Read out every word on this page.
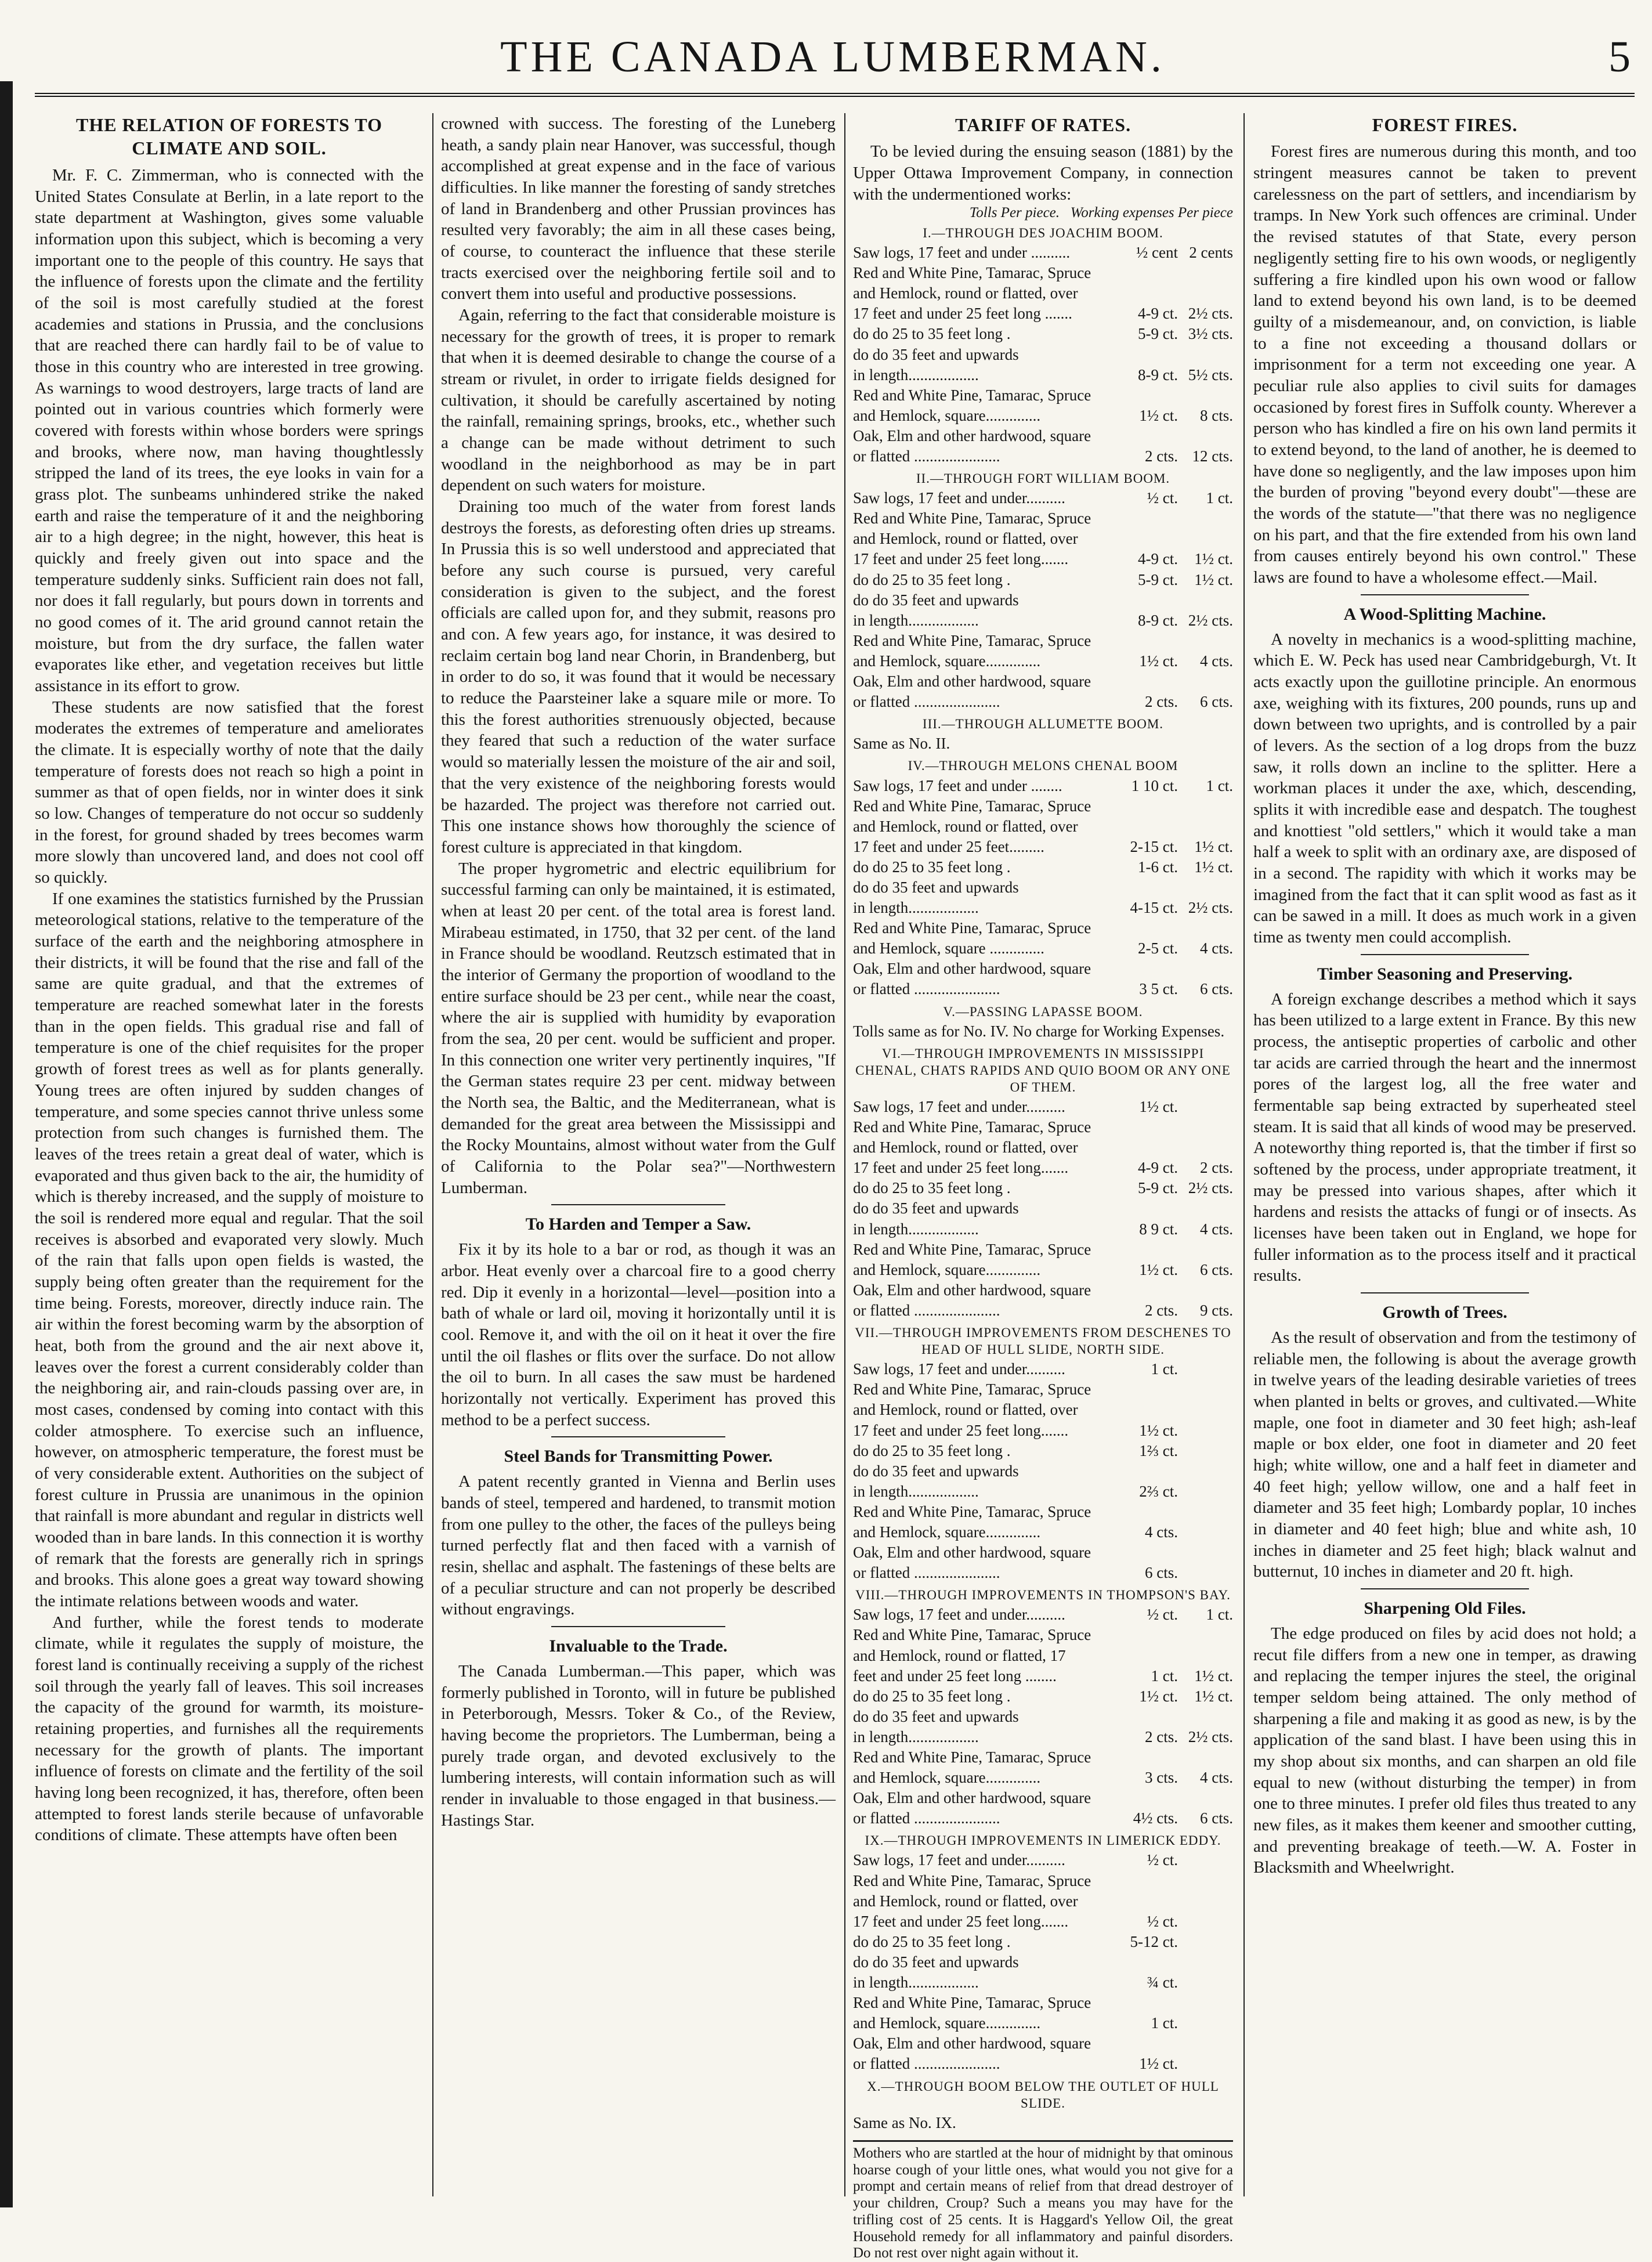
THE CANADA LUMBERMAN.	5
THE RELATION OF FORESTS TO CLIMATE AND SOIL.

Mr. F. C. Zimmerman, who is connected with the United States Consulate at Berlin, in a late report to the state department at Washington, gives some valuable information upon this subject, which is becoming a very important one to the people of this country. He says that the influence of forests upon the climate and the fertility of the soil is most carefully studied at the forest academies and stations in Prussia, and the conclusions that are reached there can hardly fail to be of value to those in this country who are interested in tree growing. As warnings to wood destroyers, large tracts of land are pointed out in various countries which formerly were covered with forests within whose borders were springs and brooks, where now, man having thoughtlessly stripped the land of its trees, the eye looks in vain for a grass plot. The sunbeams unhindered strike the naked earth and raise the temperature of it and the neighboring air to a high degree; in the night, however, this heat is quickly and freely given out into space and the temperature suddenly sinks. Sufficient rain does not fall, nor does it fall regularly, but pours down in torrents and no good comes of it. The arid ground cannot retain the moisture, but from the dry surface, the fallen water evaporates like ether, and vegetation receives but little assistance in its effort to grow.

These students are now satisfied that the forest moderates the extremes of temperature and ameliorates the climate. It is especially worthy of note that the daily temperature of forests does not reach so high a point in summer as that of open fields, nor in winter does it sink so low. Changes of temperature do not occur so suddenly in the forest, for ground shaded by trees becomes warm more slowly than uncovered land, and does not cool off so quickly.

If one examines the statistics furnished by the Prussian meteorological stations, relative to the temperature of the surface of the earth and the neighboring atmosphere in their districts, it will be found that the rise and fall of the same are quite gradual, and that the extremes of temperature are reached somewhat later in the forests than in the open fields. This gradual rise and fall of temperature is one of the chief requisites for the proper growth of forest trees as well as for plants generally. Young trees are often injured by sudden changes of temperature, and some species cannot thrive unless some protection from such changes is furnished them. The leaves of the trees retain a great deal of water, which is evaporated and thus given back to the air, the humidity of which is thereby increased, and the supply of moisture to the soil is rendered more equal and regular. That the soil receives is absorbed and evaporated very slowly. Much of the rain that falls upon open fields is wasted, the supply being often greater than the requirement for the time being. Forests, moreover, directly induce rain. The air within the forest becoming warm by the absorption of heat, both from the ground and the air next above it, leaves over the forest a current considerably colder than the neighboring air, and rain-clouds passing over are, in most cases, condensed by coming into contact with this colder atmosphere. To exercise such an influence, however, on atmospheric temperature, the forest must be of very considerable extent. Authorities on the subject of forest culture in Prussia are unanimous in the opinion that rainfall is more abundant and regular in districts well wooded than in bare lands. In this connection it is worthy of remark that the forests are generally rich in springs and brooks. This alone goes a great way toward showing the intimate relations between woods and water.

And further, while the forest tends to moderate climate, while it regulates the supply of moisture, the forest land is continually receiving a supply of the richest soil through the yearly fall of leaves. This soil increases the capacity of the ground for warmth, its moisture-retaining properties, and furnishes all the requirements necessary for the growth of plants. The important influence of forests on climate and the fertility of the soil having long been recognized, it has, therefore, often been attempted to forest lands sterile because of unfavorable conditions of climate. These attempts have often been

crowned with success. The foresting of the Luneberg heath, a sandy plain near Hanover, was successful, though accomplished at great expense and in the face of various difficulties. In like manner the foresting of sandy stretches of land in Brandenberg and other Prussian provinces has resulted very favorably; the aim in all these cases being, of course, to counteract the influence that these sterile tracts exercised over the neighboring fertile soil and to convert them into useful and productive possessions.

Again, referring to the fact that considerable moisture is necessary for the growth of trees, it is proper to remark that when it is deemed desirable to change the course of a stream or rivulet, in order to irrigate fields designed for cultivation, it should be carefully ascertained by noting the rainfall, remaining springs, brooks, etc., whether such a change can be made without detriment to such woodland in the neighborhood as may be in part dependent on such waters for moisture.

Draining too much of the water from forest lands destroys the forests, as deforesting often dries up streams. In Prussia this is so well understood and appreciated that before any such course is pursued, very careful consideration is given to the subject, and the forest officials are called upon for, and they submit, reasons pro and con. A few years ago, for instance, it was desired to reclaim certain bog land near Chorin, in Brandenberg, but in order to do so, it was found that it would be necessary to reduce the Paarsteiner lake a square mile or more. To this the forest authorities strenuously objected, because they feared that such a reduction of the water surface would so materially lessen the moisture of the air and soil, that the very existence of the neighboring forests would be hazarded. The project was therefore not carried out. This one instance shows how thoroughly the science of forest culture is appreciated in that kingdom.

The proper hygrometric and electric equilibrium for successful farming can only be maintained, it is estimated, when at least 20 per cent. of the total area is forest land. Mirabeau estimated, in 1750, that 32 per cent. of the land in France should be woodland. Reutzsch estimated that in the interior of Germany the proportion of woodland to the entire surface should be 23 per cent., while near the coast, where the air is supplied with humidity by evaporation from the sea, 20 per cent. would be sufficient and proper. In this connection one writer very pertinently inquires, "If the German states require 23 per cent. midway between the North sea, the Baltic, and the Mediterranean, what is demanded for the great area between the Mississippi and the Rocky Mountains, almost without water from the Gulf of California to the Polar sea?"—Northwestern Lumberman.

To Harden and Temper a Saw.

Fix it by its hole to a bar or rod, as though it was an arbor. Heat evenly over a charcoal fire to a good cherry red. Dip it evenly in a horizontal—level—position into a bath of whale or lard oil, moving it horizontally until it is cool. Remove it, and with the oil on it heat it over the fire until the oil flashes or flits over the surface. Do not allow the oil to burn. In all cases the saw must be hardened horizontally not vertically. Experiment has proved this method to be a perfect success.

Steel Bands for Transmitting Power.

A patent recently granted in Vienna and Berlin uses bands of steel, tempered and hardened, to transmit motion from one pulley to the other, the faces of the pulleys being turned perfectly flat and then faced with a varnish of resin, shellac and asphalt. The fastenings of these belts are of a peculiar structure and can not properly be described without engravings.

Invaluable to the Trade.

The Canada Lumberman.—This paper, which was formerly published in Toronto, will in future be published in Peterborough, Messrs. Toker & Co., of the Review, having become the proprietors. The Lumberman, being a purely trade organ, and devoted exclusively to the lumbering interests, will contain information such as will render in invaluable to those engaged in that business.—Hastings Star.

TARIFF OF RATES.

To be levied during the ensuing season (1881) by the Upper Ottawa Improvement Company, in connection with the undermentioned works:

Tolls Per piece. Working expenses Per piece
I.—THROUGH DES JOACHIM BOOM.
Saw logs, 17 feet and under ..........	½ cent 2 cents
Red and White Pine, Tamarac, Spruce
and Hemlock, round or flatted, over
17 feet and under 25 feet long .......	4-9 ct. 2½ cts.
do do 25 to 35 feet long .	5-9 ct. 3½ cts.
do do 35 feet and upwards
in length..................	8-9 ct. 5½ cts.
Red and White Pine, Tamarac, Spruce
and Hemlock, square..............	1½ ct.	8 cts.
Oak, Elm and other hardwood, square
or flatted ......................	2 cts. 12 cts.
II.—THROUGH FORT WILLIAM BOOM.
Saw logs, 17 feet and under..........	½ ct.	1 ct.
Red and White Pine, Tamarac, Spruce
and Hemlock, round or flatted, over
17 feet and under 25 feet long.......	4-9 ct.	1½ ct.
do do 25 to 35 feet long .	5-9 ct.	1½ ct.
do do 35 feet and upwards
in length..................	8-9 ct. 2½ cts.
Red and White Pine, Tamarac, Spruce
and Hemlock, square..............	1½ ct.	4 cts.
Oak, Elm and other hardwood, square
or flatted ......................	2 cts.	6 cts.
III.—THROUGH ALLUMETTE BOOM.
Same as No. II.
IV.—THROUGH MELONS CHENAL BOOM
Saw logs, 17 feet and under ........	1 10 ct.	1 ct.
Red and White Pine, Tamarac, Spruce
and Hemlock, round or flatted, over
17 feet and under 25 feet.........	2-15 ct.	1½ ct.
do do 25 to 35 feet long .	1-6 ct.	1½ ct.
do do 35 feet and upwards
in length..................	4-15 ct. 2½ cts.
Red and White Pine, Tamarac, Spruce
and Hemlock, square ..............	2-5 ct.	4 cts.
Oak, Elm and other hardwood, square
or flatted ......................	3 5 ct.	6 cts.
V.—PASSING LAPASSE BOOM.
Tolls same as for No. IV. No charge for Working Expenses.
VI.—THROUGH IMPROVEMENTS IN MISSISSIPPI CHENAL, CHATS RAPIDS AND QUIO BOOM OR ANY ONE OF THEM.
Saw logs, 17 feet and under..........	1½ ct.
Red and White Pine, Tamarac, Spruce
and Hemlock, round or flatted, over
17 feet and under 25 feet long.......	4-9 ct.	2 cts.
do do 25 to 35 feet long .	5-9 ct. 2½ cts.
do do 35 feet and upwards
in length..................	8 9 ct.	4 cts.
Red and White Pine, Tamarac, Spruce
and Hemlock, square..............	1½ ct.	6 cts.
Oak, Elm and other hardwood, square
or flatted ......................	2 cts.	9 cts.
VII.—THROUGH IMPROVEMENTS FROM DESCHENES TO HEAD OF HULL SLIDE, NORTH SIDE.
Saw logs, 17 feet and under..........	1 ct.
Red and White Pine, Tamarac, Spruce
and Hemlock, round or flatted, over
17 feet and under 25 feet long.......	1½ ct.
do do 25 to 35 feet long .	1⅔ ct.
do do 35 feet and upwards
in length..................	2⅔ ct.
Red and White Pine, Tamarac, Spruce
and Hemlock, square..............	4 cts.
Oak, Elm and other hardwood, square
or flatted ......................	6 cts.
VIII.—THROUGH IMPROVEMENTS IN THOMPSON'S BAY.
Saw logs, 17 feet and under..........	½ ct.	1 ct.
Red and White Pine, Tamarac, Spruce
and Hemlock, round or flatted, 17
feet and under 25 feet long ........	1 ct.	1½ ct.
do do 25 to 35 feet long .	1½ ct.	1½ ct.
do do 35 feet and upwards
in length..................	2 cts. 2½ cts.
Red and White Pine, Tamarac, Spruce
and Hemlock, square..............	3 cts.	4 cts.
Oak, Elm and other hardwood, square
or flatted ......................	4½ cts.	6 cts.
IX.—THROUGH IMPROVEMENTS IN LIMERICK EDDY.
Saw logs, 17 feet and under..........	½ ct.
Red and White Pine, Tamarac, Spruce
and Hemlock, round or flatted, over
17 feet and under 25 feet long.......	½ ct.
do do 25 to 35 feet long .	5-12 ct.
do do 35 feet and upwards
in length..................	¾ ct.
Red and White Pine, Tamarac, Spruce
and Hemlock, square..............	1 ct.
Oak, Elm and other hardwood, square
or flatted ......................	1½ ct.
X.—THROUGH BOOM BELOW THE OUTLET OF HULL SLIDE.
Same as No. IX.
Mothers who are startled at the hour of midnight by that ominous hoarse cough of your little ones, what would you not give for a prompt and certain means of relief from that dread destroyer of your children, Croup? Such a means you may have for the trifling cost of 25 cents. It is Haggard's Yellow Oil, the great Household remedy for all inflammatory and painful disorders. Do not rest over night again without it.
FOREST FIRES.

Forest fires are numerous during this month, and too stringent measures cannot be taken to prevent carelessness on the part of settlers, and incendiarism by tramps. In New York such offences are criminal. Under the revised statutes of that State, every person negligently setting fire to his own woods, or negligently suffering a fire kindled upon his own wood or fallow land to extend beyond his own land, is to be deemed guilty of a misdemeanour, and, on conviction, is liable to a fine not exceeding a thousand dollars or imprisonment for a term not exceeding one year. A peculiar rule also applies to civil suits for damages occasioned by forest fires in Suffolk county. Wherever a person who has kindled a fire on his own land permits it to extend beyond, to the land of another, he is deemed to have done so negligently, and the law imposes upon him the burden of proving "beyond every doubt"—these are the words of the statute—"that there was no negligence on his part, and that the fire extended from his own land from causes entirely beyond his own control." These laws are found to have a wholesome effect.—Mail.

A Wood-Splitting Machine.

A novelty in mechanics is a wood-splitting machine, which E. W. Peck has used near Cambridgeburgh, Vt. It acts exactly upon the guillotine principle. An enormous axe, weighing with its fixtures, 200 pounds, runs up and down between two uprights, and is controlled by a pair of levers. As the section of a log drops from the buzz saw, it rolls down an incline to the splitter. Here a workman places it under the axe, which, descending, splits it with incredible ease and despatch. The toughest and knottiest "old settlers," which it would take a man half a week to split with an ordinary axe, are disposed of in a second. The rapidity with which it works may be imagined from the fact that it can split wood as fast as it can be sawed in a mill. It does as much work in a given time as twenty men could accomplish.

Timber Seasoning and Preserving.

A foreign exchange describes a method which it says has been utilized to a large extent in France. By this new process, the antiseptic properties of carbolic and other tar acids are carried through the heart and the innermost pores of the largest log, all the free water and fermentable sap being extracted by superheated steel steam. It is said that all kinds of wood may be preserved. A noteworthy thing reported is, that the timber if first so softened by the process, under appropriate treatment, it may be pressed into various shapes, after which it hardens and resists the attacks of fungi or of insects. As licenses have been taken out in England, we hope for fuller information as to the process itself and it practical results.

Growth of Trees.

As the result of observation and from the testimony of reliable men, the following is about the average growth in twelve years of the leading desirable varieties of trees when planted in belts or groves, and cultivated.—White maple, one foot in diameter and 30 feet high; ash-leaf maple or box elder, one foot in diameter and 20 feet high; white willow, one and a half feet in diameter and 40 feet high; yellow willow, one and a half feet in diameter and 35 feet high; Lombardy poplar, 10 inches in diameter and 40 feet high; blue and white ash, 10 inches in diameter and 25 feet high; black walnut and butternut, 10 inches in diameter and 20 ft. high.

Sharpening Old Files.

The edge produced on files by acid does not hold; a recut file differs from a new one in temper, as drawing and replacing the temper injures the steel, the original temper seldom being attained. The only method of sharpening a file and making it as good as new, is by the application of the sand blast. I have been using this in my shop about six months, and can sharpen an old file equal to new (without disturbing the temper) in from one to three minutes. I prefer old files thus treated to any new files, as it makes them keener and smoother cutting, and preventing breakage of teeth.—W. A. Foster in Blacksmith and Wheelwright.
